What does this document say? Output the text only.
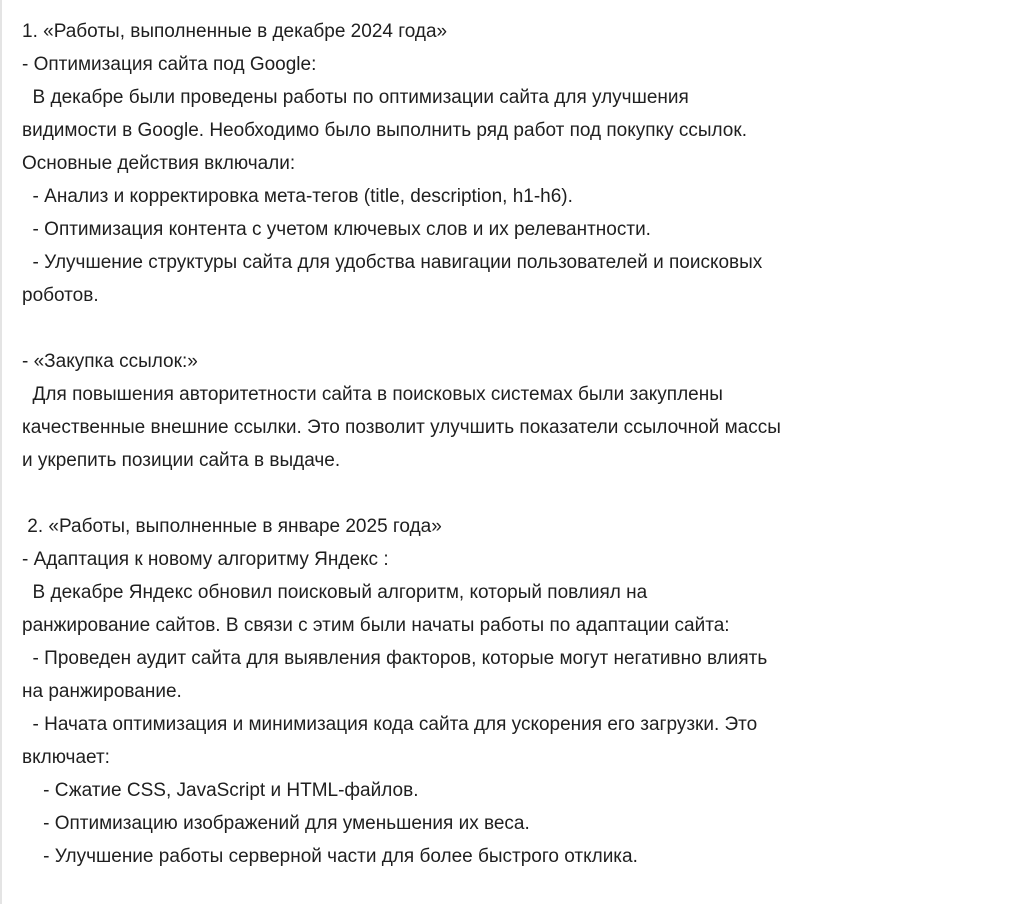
1. «Работы, выполненные в декабре 2024 года»
- Оптимизация сайта под Google:
В декабре были проведены работы по оптимизации сайта для улучшения
видимости в Google. Необходимо было выполнить ряд работ под покупку ссылок.
Основные действия включали:
- Анализ и корректировка мета-тегов (title, description, h1-h6).
- Оптимизация контента с учетом ключевых слов и их релевантности.
- Улучшение структуры сайта для удобства навигации пользователей и поисковых
роботов.
- «Закупка ссылок:»
Для повышения авторитетности сайта в поисковых системах были закуплены
качественные внешние ссылки. Это позволит улучшить показатели ссылочной массы
и укрепить позиции сайта в выдаче.
2. «Работы, выполненные в январе 2025 года»
- Адаптация к новому алгоритму Яндекс :
В декабре Яндекс обновил поисковый алгоритм, который повлиял на
ранжирование сайтов. В связи с этим были начаты работы по адаптации сайта:
- Проведен аудит сайта для выявления факторов, которые могут негативно влиять
на ранжирование.
- Начата оптимизация и минимизация кода сайта для ускорения его загрузки. Это
включает:
- Сжатие CSS, JavaScript и HTML-файлов.
- Оптимизацию изображений для уменьшения их веса.
- Улучшение работы серверной части для более быстрого отклика.
